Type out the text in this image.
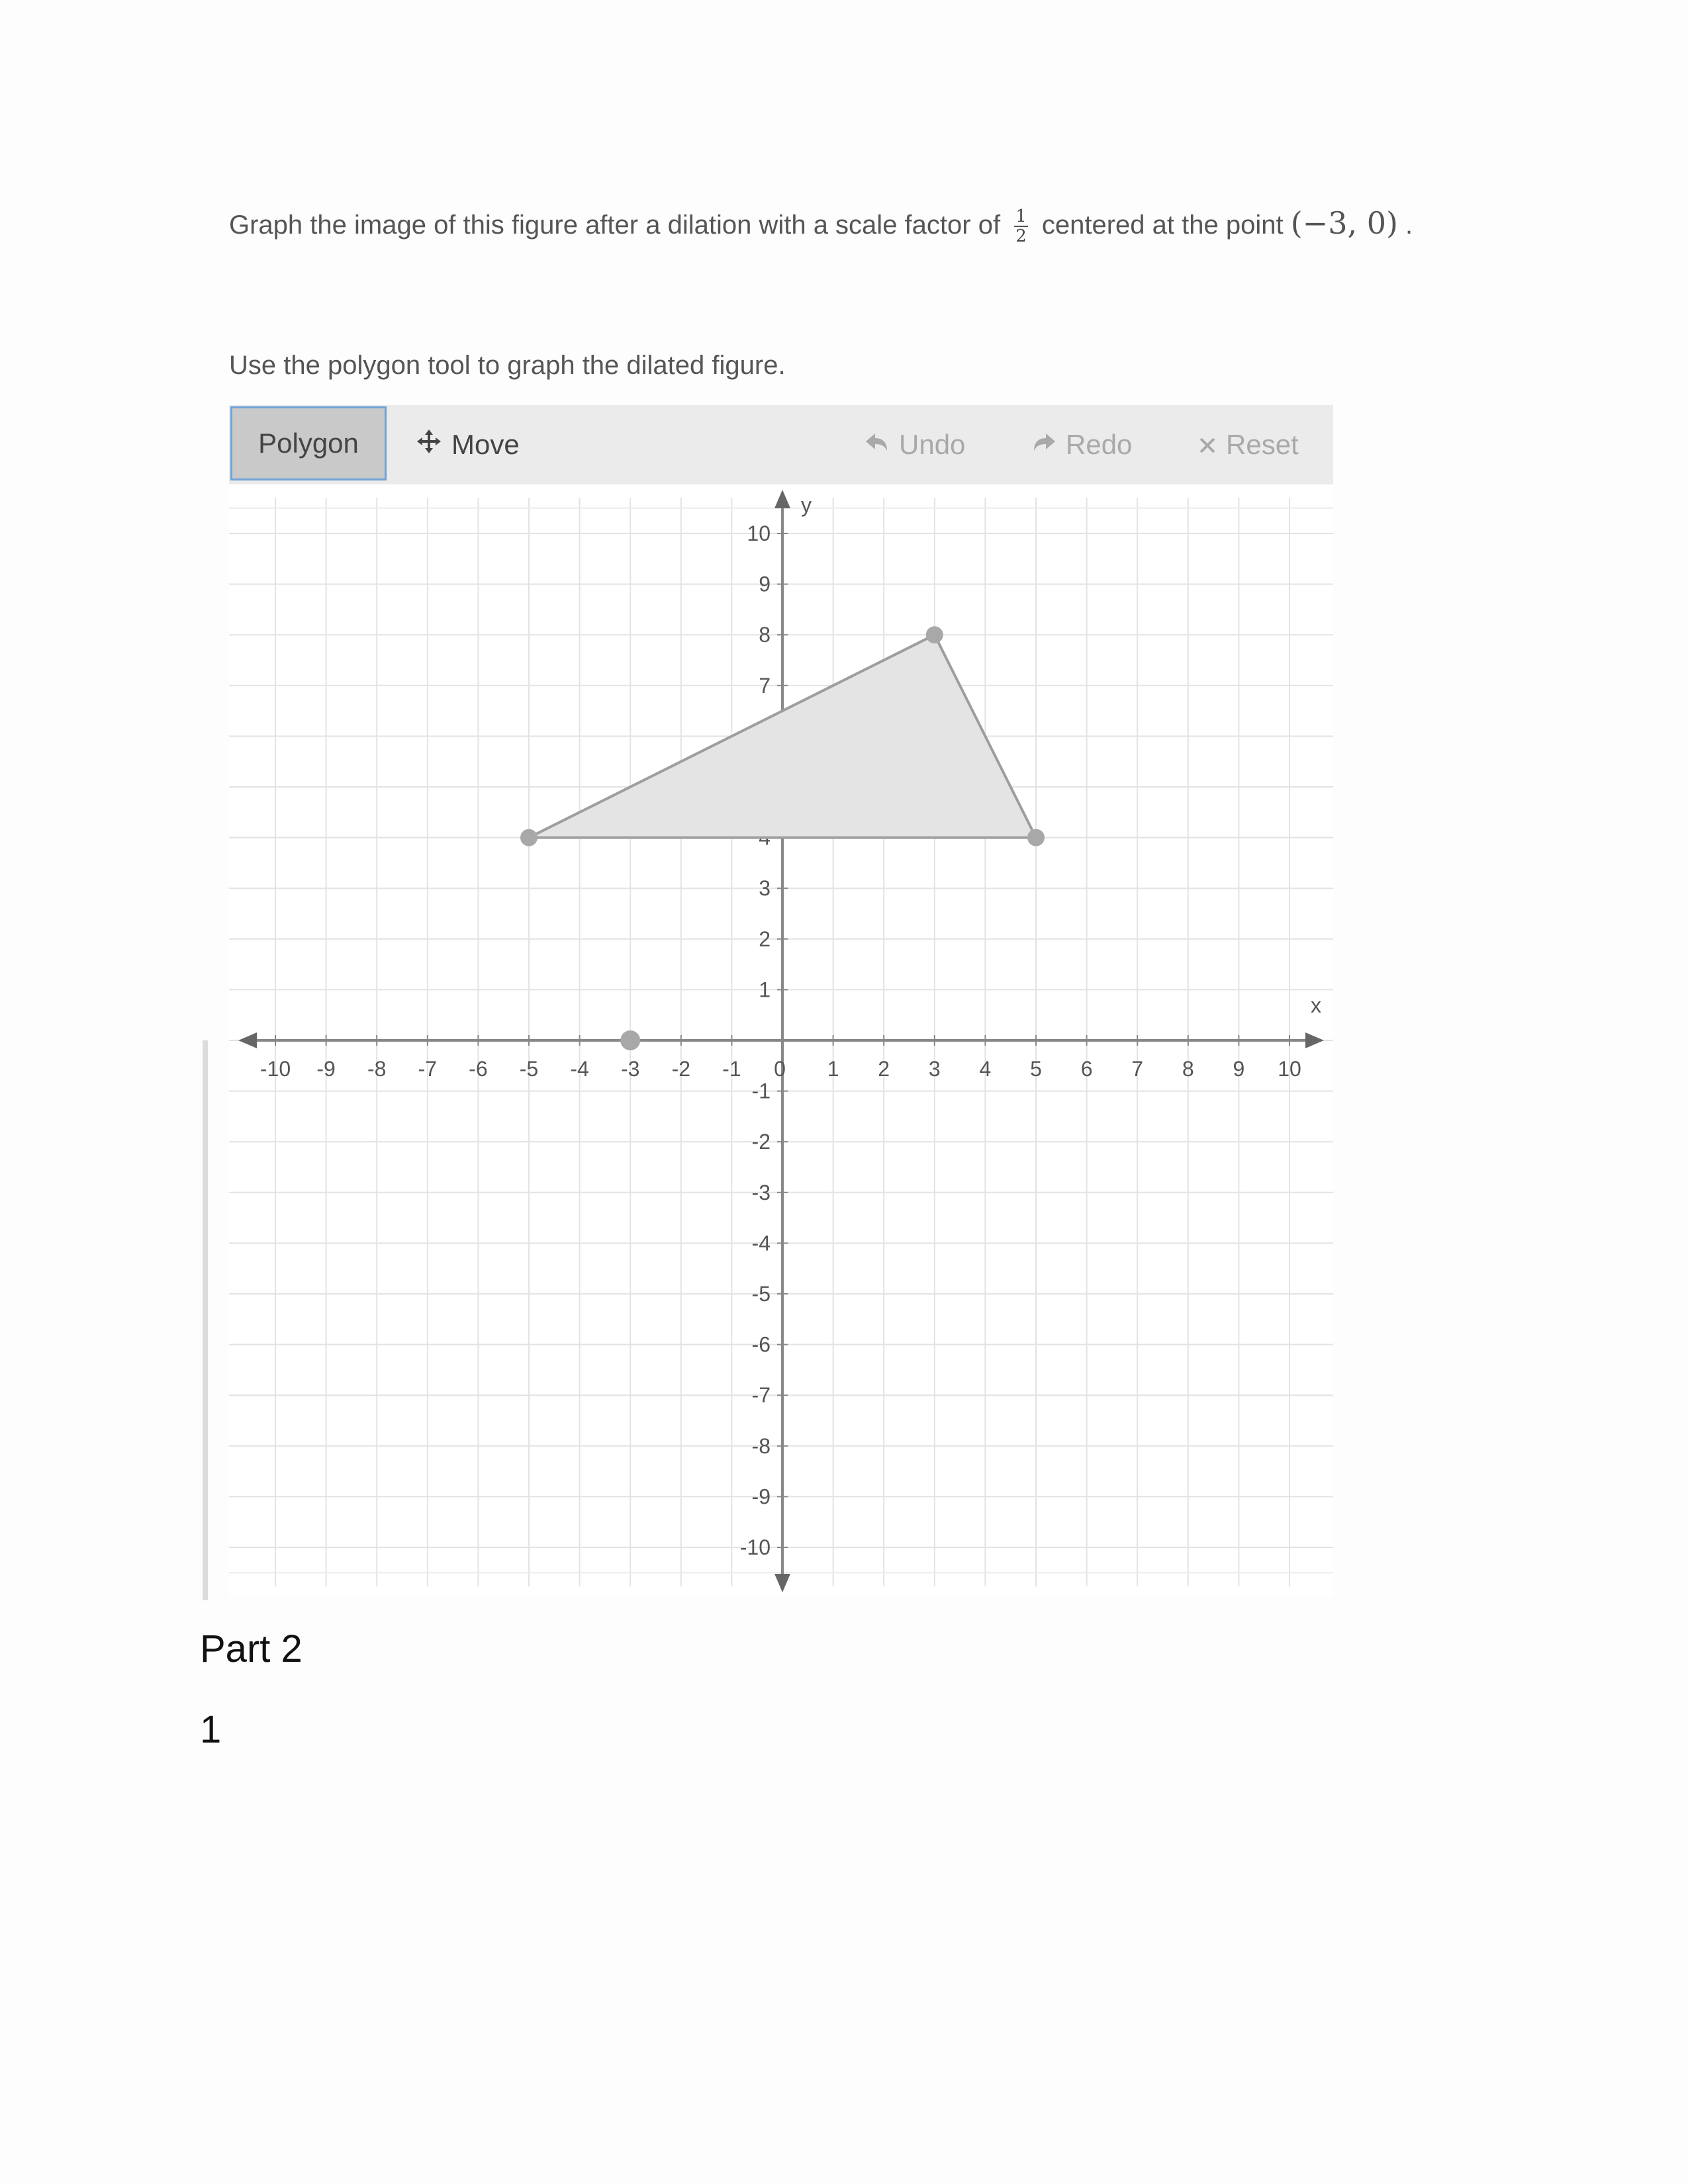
Graph the image of this figure after a dilation with a scale factor of $\frac{1}{2}$ centered at the point (−3, 0) .
Use the polygon tool to graph the dilated figure.
Polygon	Move	Undo	Redo	Reset
-10 -9 -8 -7 -6 -5 -4 -3 -2 -1 0 1 2 3 4 5 6 7 8 9 10
-10
-9
-8
-7
-6
-5
-4
-3
-2
-1
1
2
3
7
8
9
10
x
y
Part 2
1
